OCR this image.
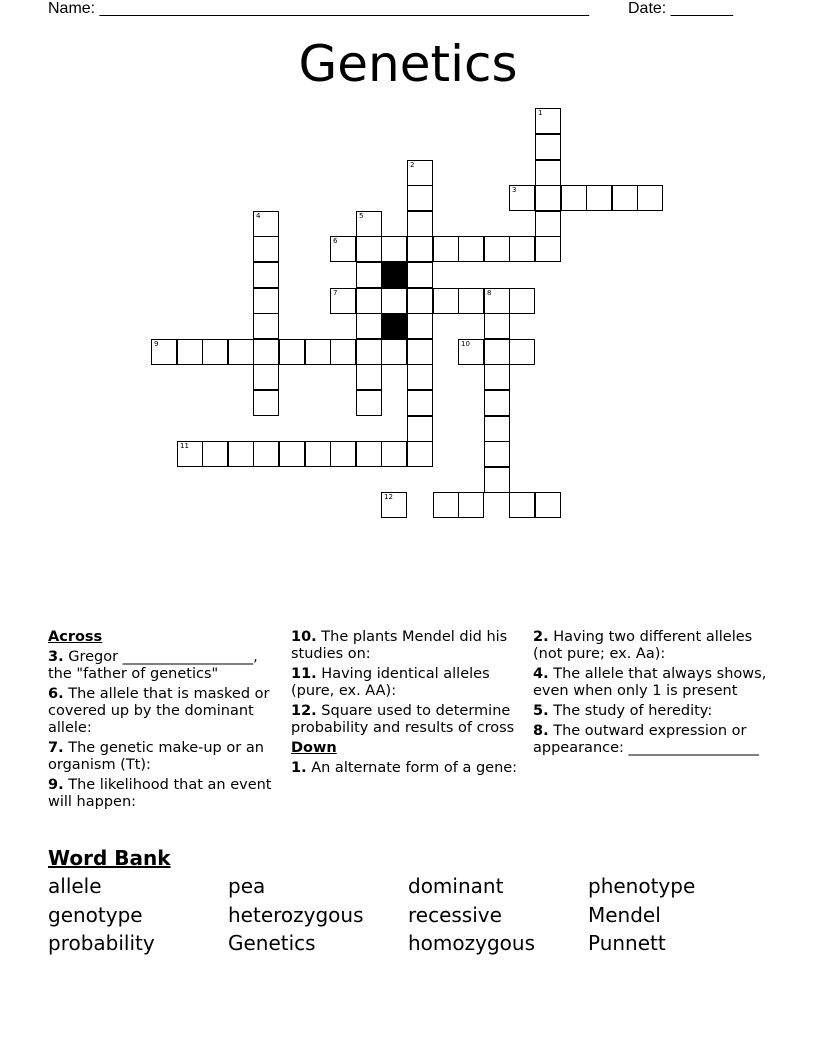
Name: _______________________________________________________ Date: _______
Genetics
1
2
3
4	5
6
7	8
9	10
11
12
Across
3. Gregor __________________, the "father of genetics"
6. The allele that is masked or covered up by the dominant allele:
7. The genetic make-up or an organism (Tt):
9. The likelihood that an event will happen:
10. The plants Mendel did his studies on:
11. Having identical alleles (pure, ex. AA):
12. Square used to determine probability and results of cross
Down
1. An alternate form of a gene:
2. Having two different alleles (not pure; ex. Aa):
4. The allele that always shows, even when only 1 is present
5. The study of heredity:
8. The outward expression or appearance: __________________
Word Bank
allele	pea	dominant	phenotype
genotype	heterozygous	recessive	Mendel
probability	Genetics	homozygous	Punnett
